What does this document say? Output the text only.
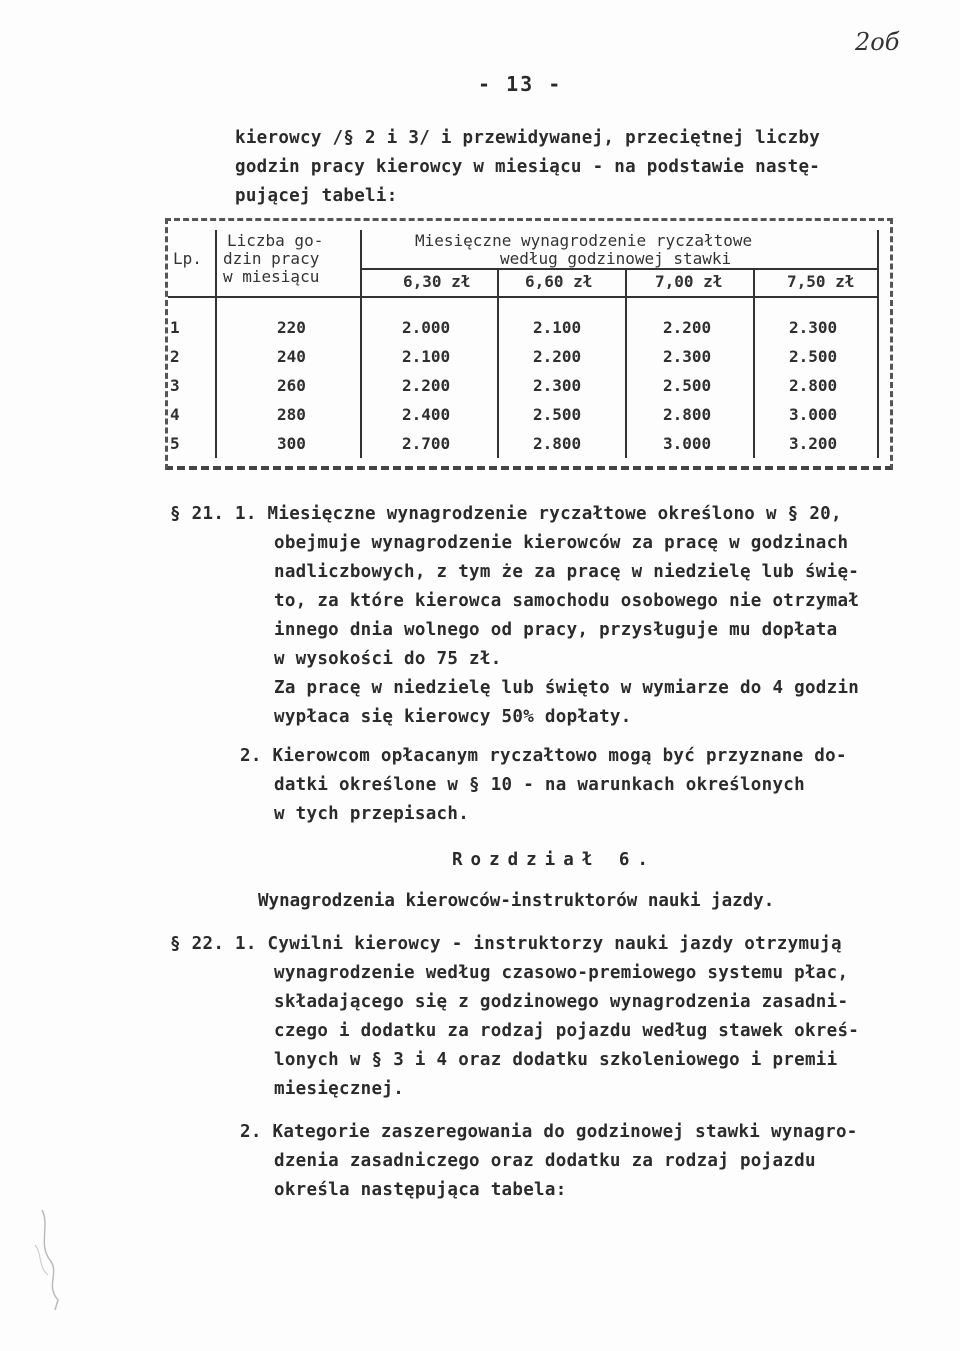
2oб
- 13 -
kierowcy /§ 2 i 3/ i przewidywanej, przeciętnej liczby
godzin pracy kierowcy w miesiącu - na podstawie nastę-
pującej tabeli:
Lp.
Liczba go-
dzin pracy
w miesiącu
Miesięczne wynagrodzenie ryczałtowe
według godzinowej stawki
6,30 zł	6,60 zł	7,00 zł	7,50 zł
1	220	2.000	2.100	2.200	2.300
2	240	2.100	2.200	2.300	2.500
3	260	2.200	2.300	2.500	2.800
4	280	2.400	2.500	2.800	3.000
5	300	2.700	2.800	3.000	3.200
§ 21. 1. Miesięczne wynagrodzenie ryczałtowe określono w § 20,
obejmuje wynagrodzenie kierowców za pracę w godzinach
nadliczbowych, z tym że za pracę w niedzielę lub świę-
to, za które kierowca samochodu osobowego nie otrzymał
innego dnia wolnego od pracy, przysługuje mu dopłata
w wysokości do 75 zł.
Za pracę w niedzielę lub święto w wymiarze do 4 godzin
wypłaca się kierowcy 50% dopłaty.
2. Kierowcom opłacanym ryczałtowo mogą być przyznane do-
datki określone w § 10 - na warunkach określonych
w tych przepisach.
Rozdział 6.
Wynagrodzenia kierowców-instruktorów nauki jazdy.
§ 22. 1. Cywilni kierowcy - instruktorzy nauki jazdy otrzymują
wynagrodzenie według czasowo-premiowego systemu płac,
składającego się z godzinowego wynagrodzenia zasadni-
czego i dodatku za rodzaj pojazdu według stawek okreś-
lonych w § 3 i 4 oraz dodatku szkoleniowego i premii
miesięcznej.
2. Kategorie zaszeregowania do godzinowej stawki wynagro-
dzenia zasadniczego oraz dodatku za rodzaj pojazdu
określa następująca tabela:
